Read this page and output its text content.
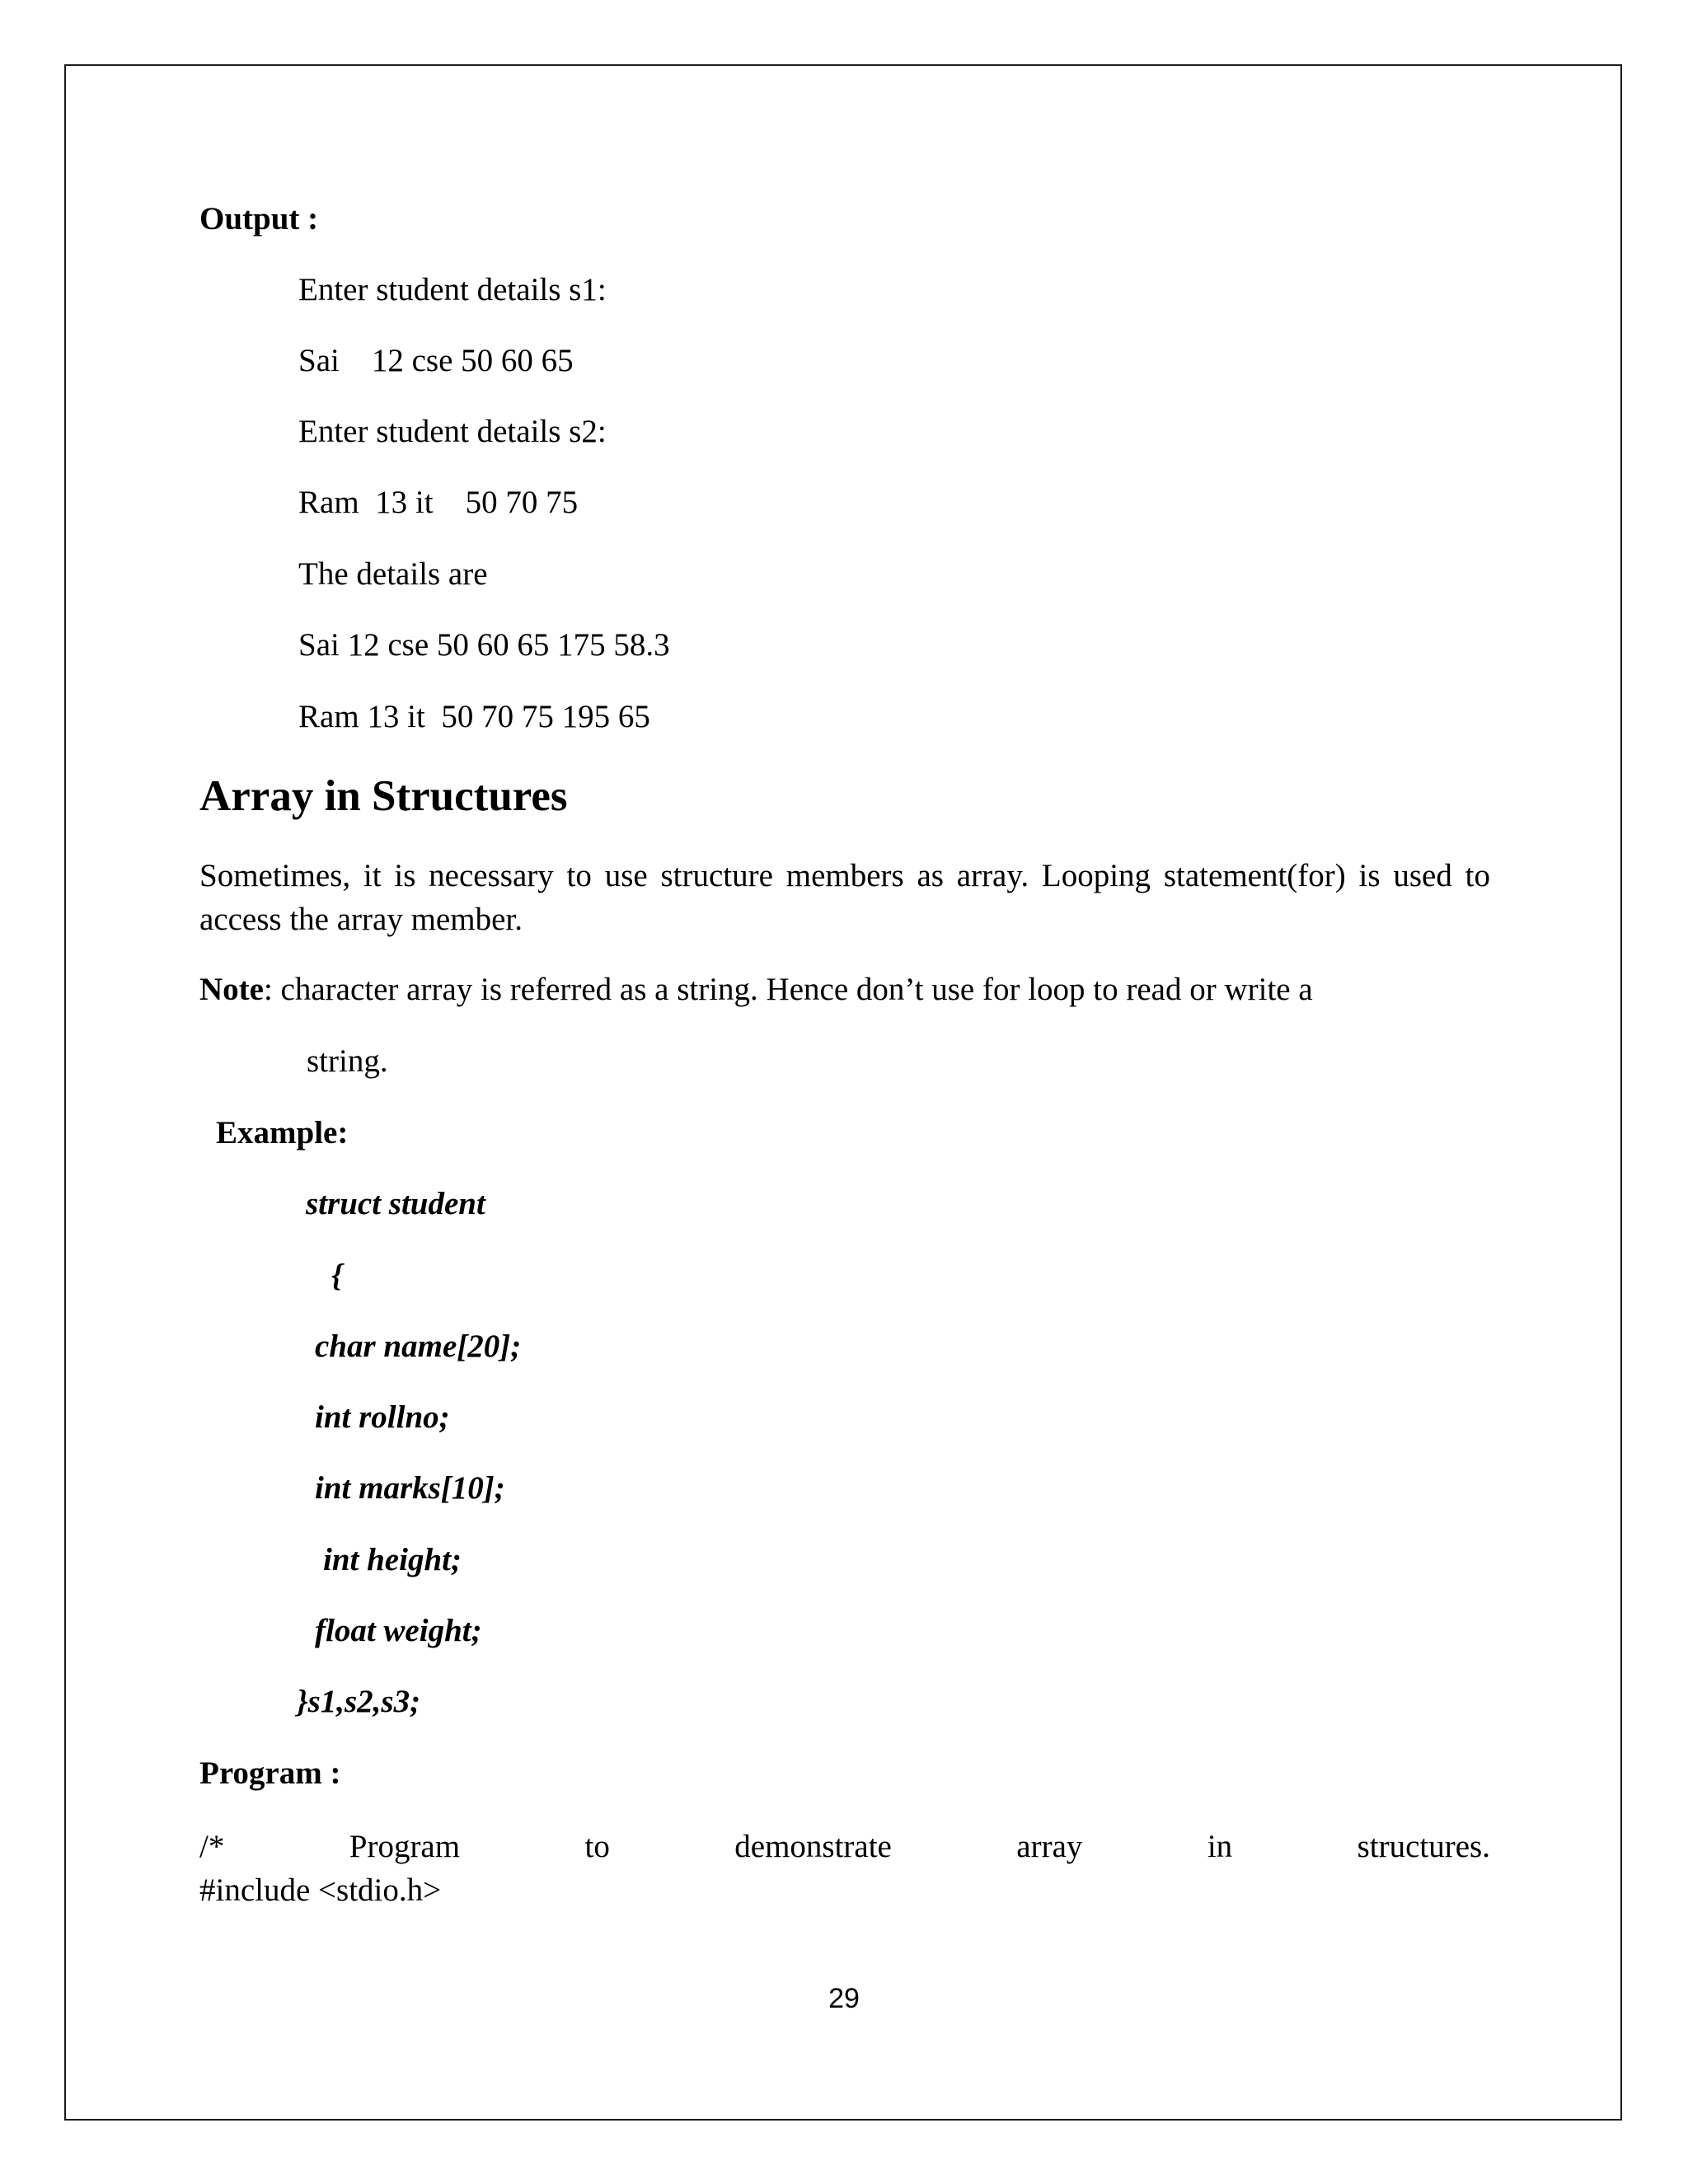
Output :
Enter student details s1:
Sai    12 cse 50 60 65
Enter student details s2:
Ram  13 it    50 70 75
The details are
Sai 12 cse 50 60 65 175 58.3
Ram 13 it  50 70 75 195 65
Array in Structures
Sometimes, it is necessary to use structure members as array. Looping statement(for) is used to access the array member.
Note: character array is referred as a string. Hence don’t use for loop to read or write a
string.
Example:
struct student
{
char name[20];
int rollno;
int marks[10];
int height;
float weight;
}s1,s2,s3;
Program :
/*	Program	to	demonstrate	array	in	structures.
#include <stdio.h>
29
